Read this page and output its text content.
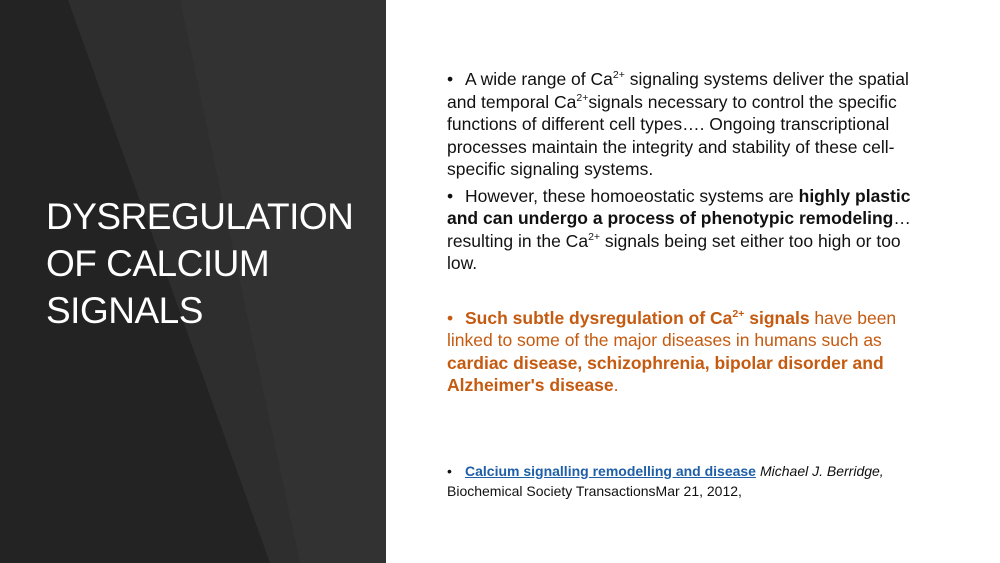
DYSREGULATION OF CALCIUM SIGNALS

• A wide range of $Ca^{2+}$ signaling systems deliver the spatial and temporal $Ca^{2+}signals$ necessary to control the specific functions of different cell types…. Ongoing transcriptional processes maintain the integrity and stability of these cell-specific signaling systems.

• However, these homoeostatic systems are highly plastic and can undergo a process of phenotypic remodeling… resulting in the $Ca^{2+}$ signals being set either too high or too low.

• Such subtle dysregulation of $Ca^{2+}$ signals have been linked to some of the major diseases in humans such as cardiac disease, schizophrenia, bipolar disorder and Alzheimer's disease.

• Calcium signalling remodelling and disease Michael J. Berridge,
Biochemical Society TransactionsMar 21, 2012,
